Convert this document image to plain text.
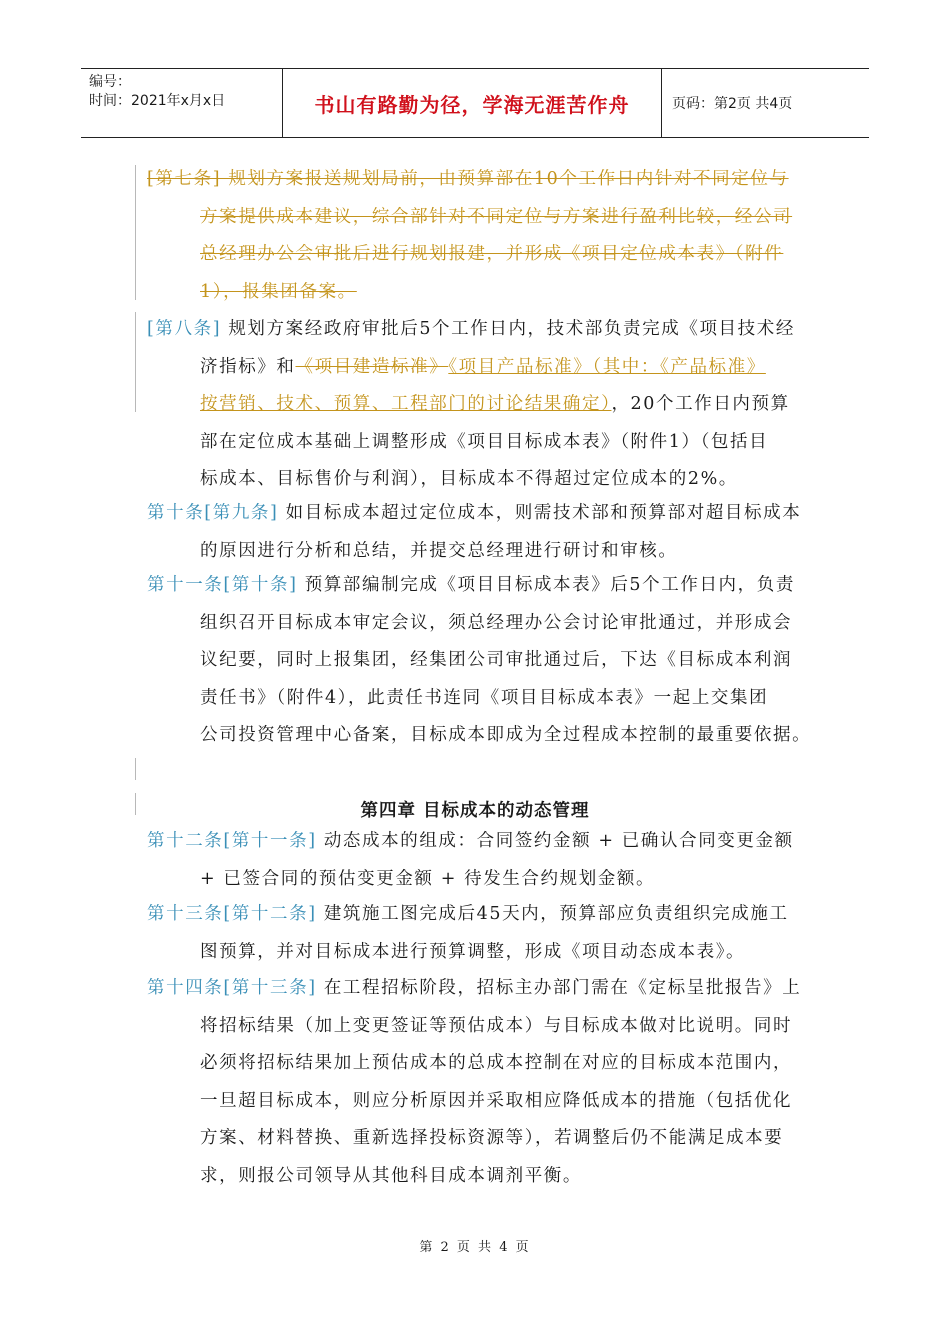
编号：
时间：2021年x月x日	书山有路勤为径，学海无涯苦作舟	页码：第2页 共4页
[第七条] 规划方案报送规划局前，由预算部在10个工作日内针对不同定位与
方案提供成本建议，综合部针对不同定位与方案进行盈利比较，经公司
总经理办公会审批后进行规划报建，并形成《项目定位成本表》（附件
1），报集团备案。
[第八条] 规划方案经政府审批后5个工作日内，技术部负责完成《项目技术经
济指标》和《项目建造标准》《项目产品标准》（其中：《产品标准》
按营销、技术、预算、工程部门的讨论结果确定），20个工作日内预算
部在定位成本基础上调整形成《项目目标成本表》（附件1）（包括目
标成本、目标售价与利润），目标成本不得超过定位成本的2%。
第十条[第九条] 如目标成本超过定位成本，则需技术部和预算部对超目标成本
的原因进行分析和总结，并提交总经理进行研讨和审核。
第十一条[第十条] 预算部编制完成《项目目标成本表》后5个工作日内，负责
组织召开目标成本审定会议，须总经理办公会讨论审批通过，并形成会
议纪要，同时上报集团，经集团公司审批通过后，下达《目标成本利润
责任书》（附件4），此责任书连同《项目目标成本表》一起上交集团
公司投资管理中心备案，目标成本即成为全过程成本控制的最重要依据。
第四章 目标成本的动态管理
第十二条[第十一条] 动态成本的组成：合同签约金额 + 已确认合同变更金额
+ 已签合同的预估变更金额 + 待发生合约规划金额。
第十三条[第十二条] 建筑施工图完成后45天内，预算部应负责组织完成施工
图预算，并对目标成本进行预算调整，形成《项目动态成本表》。
第十四条[第十三条] 在工程招标阶段，招标主办部门需在《定标呈批报告》上
将招标结果（加上变更签证等预估成本）与目标成本做对比说明。同时
必须将招标结果加上预估成本的总成本控制在对应的目标成本范围内，
一旦超目标成本，则应分析原因并采取相应降低成本的措施（包括优化
方案、材料替换、重新选择投标资源等），若调整后仍不能满足成本要
求，则报公司领导从其他科目成本调剂平衡。
第 2 页 共 4 页
